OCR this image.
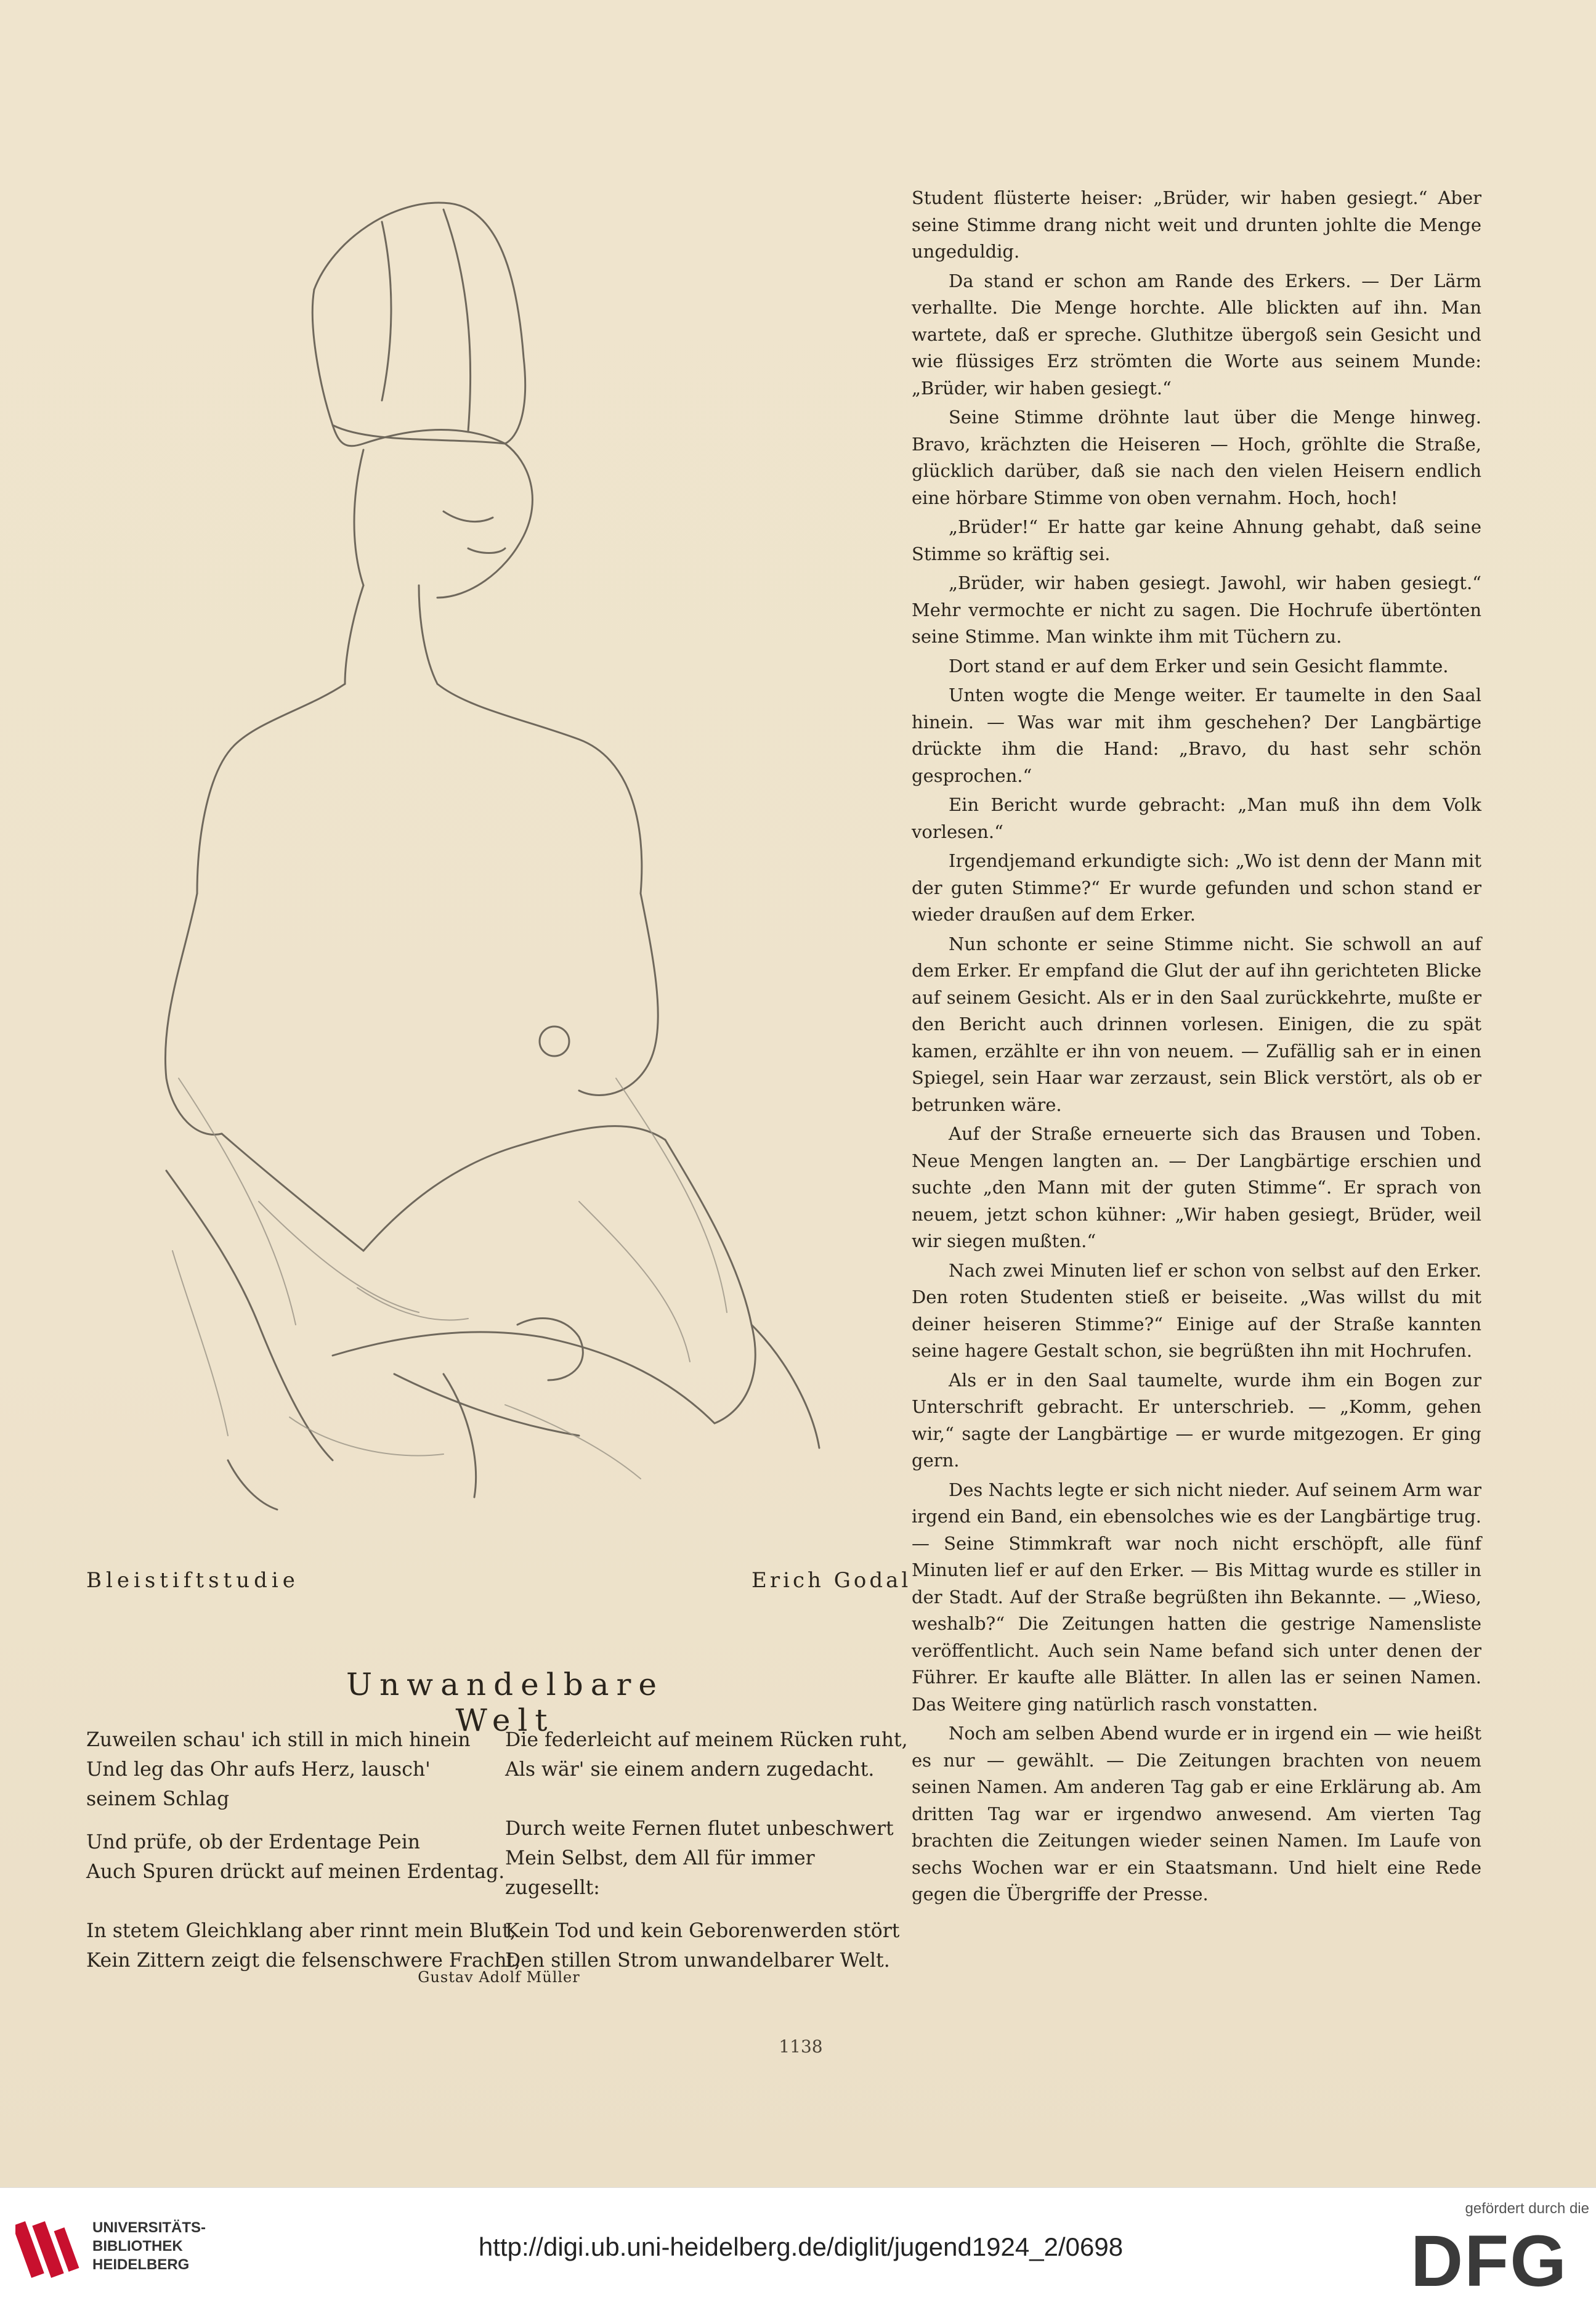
Bleistiftstudie	Erich Godal
Unwandelbare Welt
Zuweilen schau' ich still in mich hinein
Und leg das Ohr aufs Herz, lausch' seinem Schlag
Und prüfe, ob der Erdentage Pein
Auch Spuren drückt auf meinen Erdentag.
In stetem Gleichklang aber rinnt mein Blut,
Kein Zittern zeigt die felsenschwere Fracht,
Die federleicht auf meinem Rücken ruht,
Als wär' sie einem andern zugedacht.
Durch weite Fernen flutet unbeschwert
Mein Selbst, dem All für immer zugesellt:
Kein Tod und kein Geborenwerden stört
Den stillen Strom unwandelbarer Welt.
Gustav Adolf Müller

Student flüsterte heiser: „Brüder, wir haben gesiegt.“ Aber seine Stimme drang nicht weit und drunten johlte die Menge ungeduldig.

Da stand er schon am Rande des Erkers. — Der Lärm verhallte. Die Menge horchte. Alle blickten auf ihn. Man wartete, daß er spreche. Gluthitze übergoß sein Gesicht und wie flüssiges Erz strömten die Worte aus seinem Munde: „Brüder, wir haben gesiegt.“

Seine Stimme dröhnte laut über die Menge hinweg. Bravo, krächzten die Heiseren — Hoch, gröhlte die Straße, glücklich darüber, daß sie nach den vielen Heisern endlich eine hörbare Stimme von oben vernahm. Hoch, hoch!

„Brüder!“ Er hatte gar keine Ahnung gehabt, daß seine Stimme so kräftig sei.

„Brüder, wir haben gesiegt. Jawohl, wir haben gesiegt.“ Mehr vermochte er nicht zu sagen. Die Hochrufe übertönten seine Stimme. Man winkte ihm mit Tüchern zu.

Dort stand er auf dem Erker und sein Gesicht flammte.

Unten wogte die Menge weiter. Er taumelte in den Saal hinein. — Was war mit ihm geschehen? Der Langbärtige drückte ihm die Hand: „Bravo, du hast sehr schön gesprochen.“

Ein Bericht wurde gebracht: „Man muß ihn dem Volk vorlesen.“

Irgendjemand erkundigte sich: „Wo ist denn der Mann mit der guten Stimme?“ Er wurde gefunden und schon stand er wieder draußen auf dem Erker.

Nun schonte er seine Stimme nicht. Sie schwoll an auf dem Erker. Er empfand die Glut der auf ihn gerichteten Blicke auf seinem Gesicht. Als er in den Saal zurückkehrte, mußte er den Bericht auch drinnen vorlesen. Einigen, die zu spät kamen, erzählte er ihn von neuem. — Zufällig sah er in einen Spiegel, sein Haar war zerzaust, sein Blick verstört, als ob er betrunken wäre.

Auf der Straße erneuerte sich das Brausen und Toben. Neue Mengen langten an. — Der Langbärtige erschien und suchte „den Mann mit der guten Stimme“. Er sprach von neuem, jetzt schon kühner: „Wir haben gesiegt, Brüder, weil wir siegen mußten.“

Nach zwei Minuten lief er schon von selbst auf den Erker. Den roten Studenten stieß er beiseite. „Was willst du mit deiner heiseren Stimme?“ Einige auf der Straße kannten seine hagere Gestalt schon, sie begrüßten ihn mit Hochrufen.

Als er in den Saal taumelte, wurde ihm ein Bogen zur Unterschrift gebracht. Er unterschrieb. — „Komm, gehen wir,“ sagte der Langbärtige — er wurde mitgezogen. Er ging gern.

Des Nachts legte er sich nicht nieder. Auf seinem Arm war irgend ein Band, ein ebensolches wie es der Langbärtige trug. — Seine Stimmkraft war noch nicht erschöpft, alle fünf Minuten lief er auf den Erker. — Bis Mittag wurde es stiller in der Stadt. Auf der Straße begrüßten ihn Bekannte. — „Wieso, weshalb?“ Die Zeitungen hatten die gestrige Namensliste veröffentlicht. Auch sein Name befand sich unter denen der Führer. Er kaufte alle Blätter. In allen las er seinen Namen. Das Weitere ging natürlich rasch vonstatten.

Noch am selben Abend wurde er in irgend ein — wie heißt es nur — gewählt. — Die Zeitungen brachten von neuem seinen Namen. Am anderen Tag gab er eine Erklärung ab. Am dritten Tag war er irgendwo anwesend. Am vierten Tag brachten die Zeitungen wieder seinen Namen. Im Laufe von sechs Wochen war er ein Staatsmann. Und hielt eine Rede gegen die Übergriffe der Presse.

1138
UNIVERSITÄTS-
BIBLIOTHEK
HEIDELBERG
http://digi.ub.uni-heidelberg.de/diglit/jugend1924_2/0698
gefördert durch die
DFG
